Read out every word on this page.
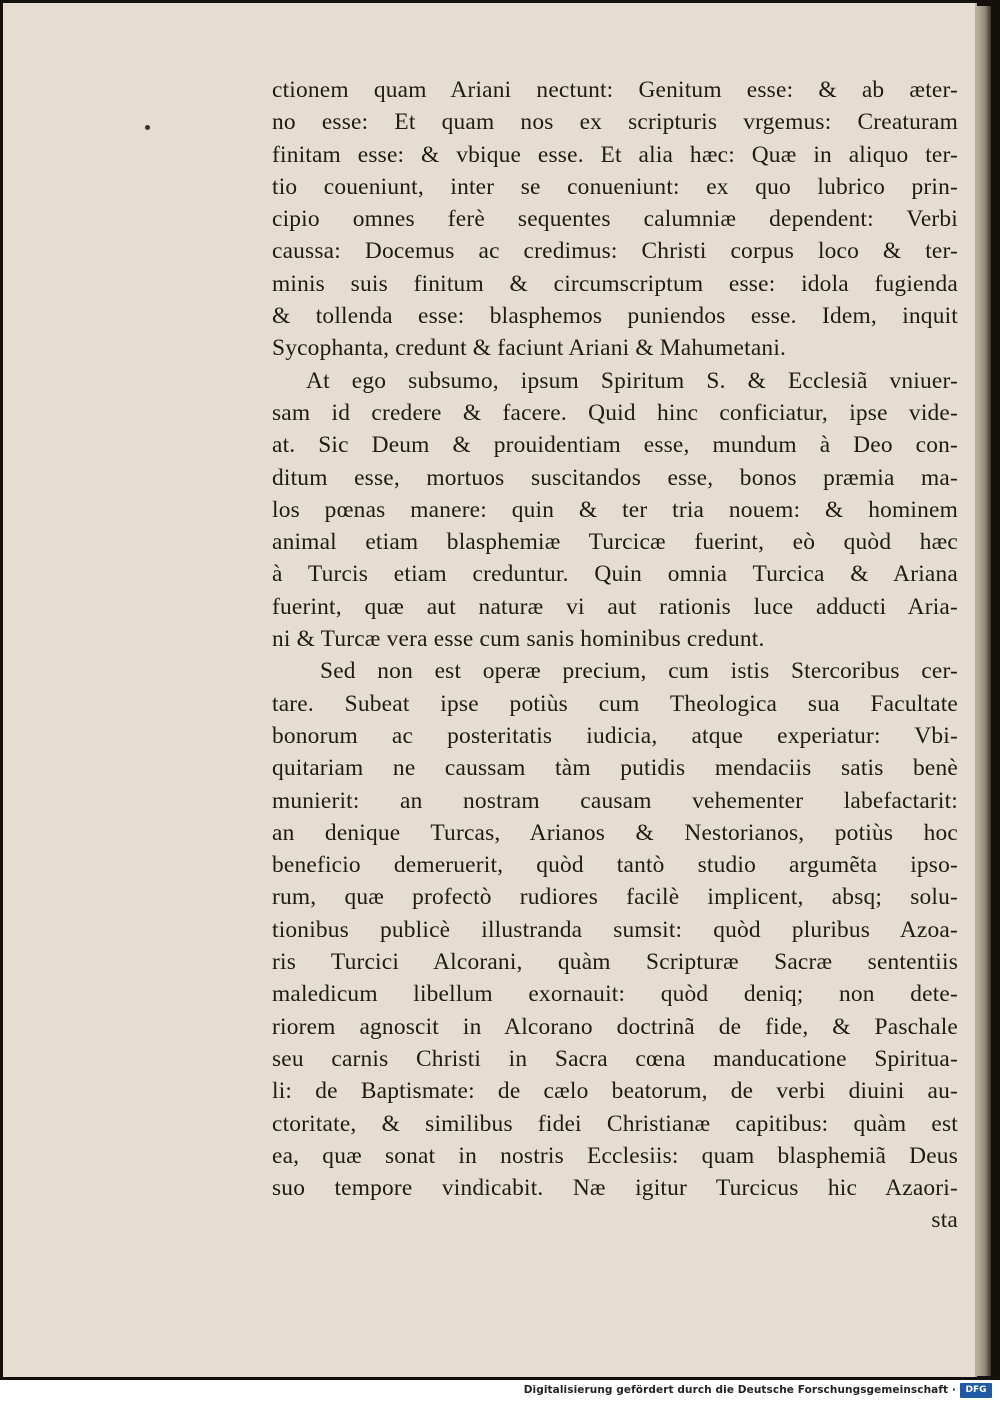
ctionem quam Ariani nectunt: Genitum esse: & ab æter-
no esse: Et quam nos ex scripturis vrgemus: Creaturam
finitam esse: & vbique esse. Et alia hæc: Quæ in aliquo ter-
tio coueniunt, inter se conueniunt: ex quo lubrico prin-
cipio omnes ferè sequentes calumniæ dependent: Verbi
caussa: Docemus ac credimus: Christi corpus loco & ter-
minis suis finitum & circumscriptum esse: idola fugienda
& tollenda esse: blasphemos puniendos esse. Idem, inquit
Sycophanta, credunt & faciunt Ariani & Mahumetani.
At ego subsumo, ipsum Spiritum S. & Ecclesiã vniuer-
sam id credere & facere. Quid hinc conficiatur, ipse vide-
at. Sic Deum & prouidentiam esse, mundum à Deo con-
ditum esse, mortuos suscitandos esse, bonos præmia ma-
los pœnas manere: quin & ter tria nouem: & hominem
animal etiam blasphemiæ Turcicæ fuerint, eò quòd hæc
à Turcis etiam creduntur. Quin omnia Turcica & Ariana
fuerint, quæ aut naturæ vi aut rationis luce adducti Aria-
ni & Turcæ vera esse cum sanis hominibus credunt.
Sed non est operæ precium, cum istis Stercoribus cer-
tare. Subeat ipse potiùs cum Theologica sua Facultate
bonorum ac posteritatis iudicia, atque experiatur: Vbi-
quitariam ne caussam tàm putidis mendaciis satis benè
munierit: an nostram causam vehementer labefactarit:
an denique Turcas, Arianos & Nestorianos, potiùs hoc
beneficio demeruerit, quòd tantò studio argumẽta ipso-
rum, quæ profectò rudiores facilè implicent, absq; solu-
tionibus publicè illustranda sumsit: quòd pluribus Azoa-
ris Turcici Alcorani, quàm Scripturæ Sacræ sententiis
maledicum libellum exornauit: quòd deniq; non dete-
riorem agnoscit in Alcorano doctrinã de fide, & Paschale
seu carnis Christi in Sacra cœna manducatione Spiritua-
li: de Baptismate: de cælo beatorum, de verbi diuini au-
ctoritate, & similibus fidei Christianæ capitibus: quàm est
ea, quæ sonat in nostris Ecclesiis: quam blasphemiã Deus
suo tempore vindicabit. Næ igitur Turcicus hic Azaori-
sta
Digitalisierung gefördert durch die Deutsche Forschungsgemeinschaft ·	DFG
